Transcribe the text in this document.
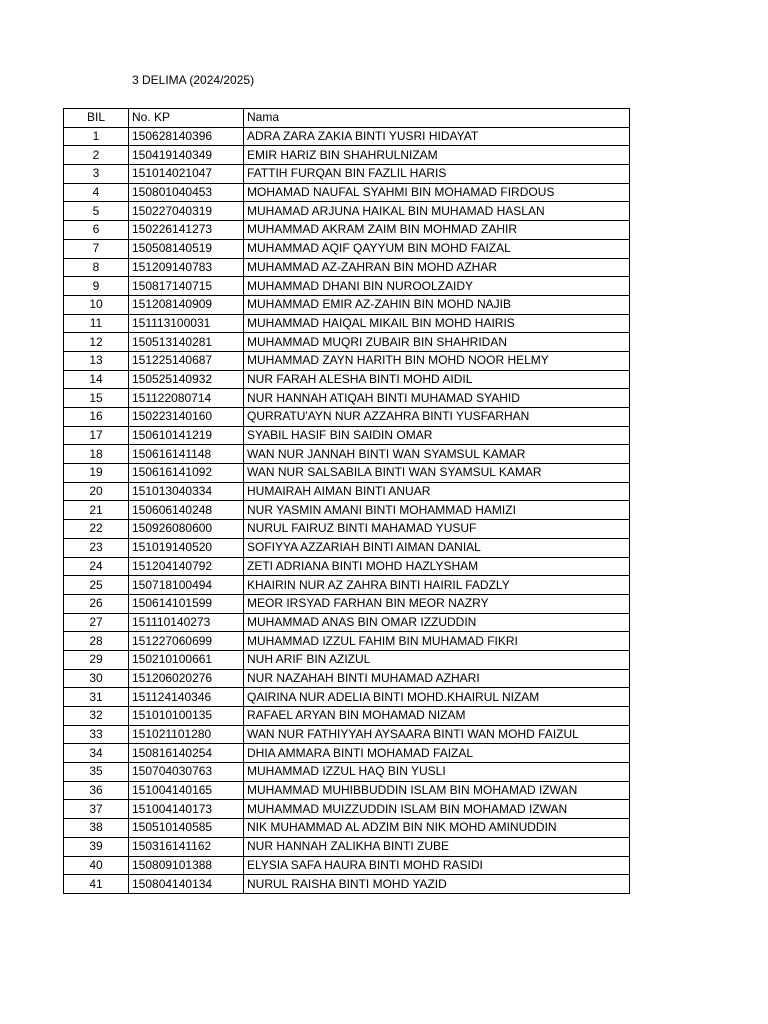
3 DELIMA (2024/2025)
BIL	No. KP	Nama
1	150628140396	ADRA ZARA ZAKIA BINTI YUSRI HIDAYAT
2	150419140349	EMIR HARIZ BIN SHAHRULNIZAM
3	151014021047	FATTIH FURQAN BIN FAZLIL HARIS
4	150801040453	MOHAMAD NAUFAL SYAHMI BIN MOHAMAD FIRDOUS
5	150227040319	MUHAMAD ARJUNA HAIKAL BIN MUHAMAD HASLAN
6	150226141273	MUHAMMAD AKRAM ZAIM BIN MOHMAD ZAHIR
7	150508140519	MUHAMMAD AQIF QAYYUM BIN MOHD FAIZAL
8	151209140783	MUHAMMAD AZ-ZAHRAN BIN MOHD AZHAR
9	150817140715	MUHAMMAD DHANI BIN NUROOLZAIDY
10	151208140909	MUHAMMAD EMIR AZ-ZAHIN BIN MOHD NAJIB
11	151113100031	MUHAMMAD HAIQAL MIKAIL BIN MOHD HAIRIS
12	150513140281	MUHAMMAD MUQRI ZUBAIR BIN SHAHRIDAN
13	151225140687	MUHAMMAD ZAYN HARITH BIN MOHD NOOR HELMY
14	150525140932	NUR FARAH ALESHA BINTI MOHD AIDIL
15	151122080714	NUR HANNAH ATIQAH BINTI MUHAMAD SYAHID
16	150223140160	QURRATU'AYN NUR AZZAHRA BINTI YUSFARHAN
17	150610141219	SYABIL HASIF BIN SAIDIN OMAR
18	150616141148	WAN NUR JANNAH BINTI WAN SYAMSUL KAMAR
19	150616141092	WAN NUR SALSABILA BINTI WAN SYAMSUL KAMAR
20	151013040334	HUMAIRAH AIMAN BINTI ANUAR
21	150606140248	NUR YASMIN AMANI BINTI MOHAMMAD HAMIZI
22	150926080600	NURUL FAIRUZ BINTI MAHAMAD YUSUF
23	151019140520	SOFIYYA AZZARIAH BINTI AIMAN DANIAL
24	151204140792	ZETI ADRIANA BINTI MOHD HAZLYSHAM
25	150718100494	KHAIRIN NUR AZ ZAHRA BINTI HAIRIL FADZLY
26	150614101599	MEOR IRSYAD FARHAN BIN MEOR NAZRY
27	151110140273	MUHAMMAD ANAS BIN OMAR IZZUDDIN
28	151227060699	MUHAMMAD IZZUL FAHIM BIN MUHAMAD FIKRI
29	150210100661	NUH ARIF BIN AZIZUL
30	151206020276	NUR NAZAHAH BINTI MUHAMAD AZHARI
31	151124140346	QAIRINA NUR ADELIA BINTI MOHD.KHAIRUL NIZAM
32	151010100135	RAFAEL ARYAN BIN MOHAMAD NIZAM
33	151021101280	WAN NUR FATHIYYAH AYSAARA BINTI WAN MOHD FAIZUL
34	150816140254	DHIA AMMARA BINTI MOHAMAD FAIZAL
35	150704030763	MUHAMMAD IZZUL HAQ BIN YUSLI
36	151004140165	MUHAMMAD MUHIBBUDDIN ISLAM BIN MOHAMAD IZWAN
37	151004140173	MUHAMMAD MUIZZUDDIN ISLAM BIN MOHAMAD IZWAN
38	150510140585	NIK MUHAMMAD AL ADZIM BIN NIK MOHD AMINUDDIN
39	150316141162	NUR HANNAH ZALIKHA BINTI ZUBE
40	150809101388	ELYSIA SAFA HAURA BINTI MOHD RASIDI
41	150804140134	NURUL RAISHA BINTI MOHD YAZID
